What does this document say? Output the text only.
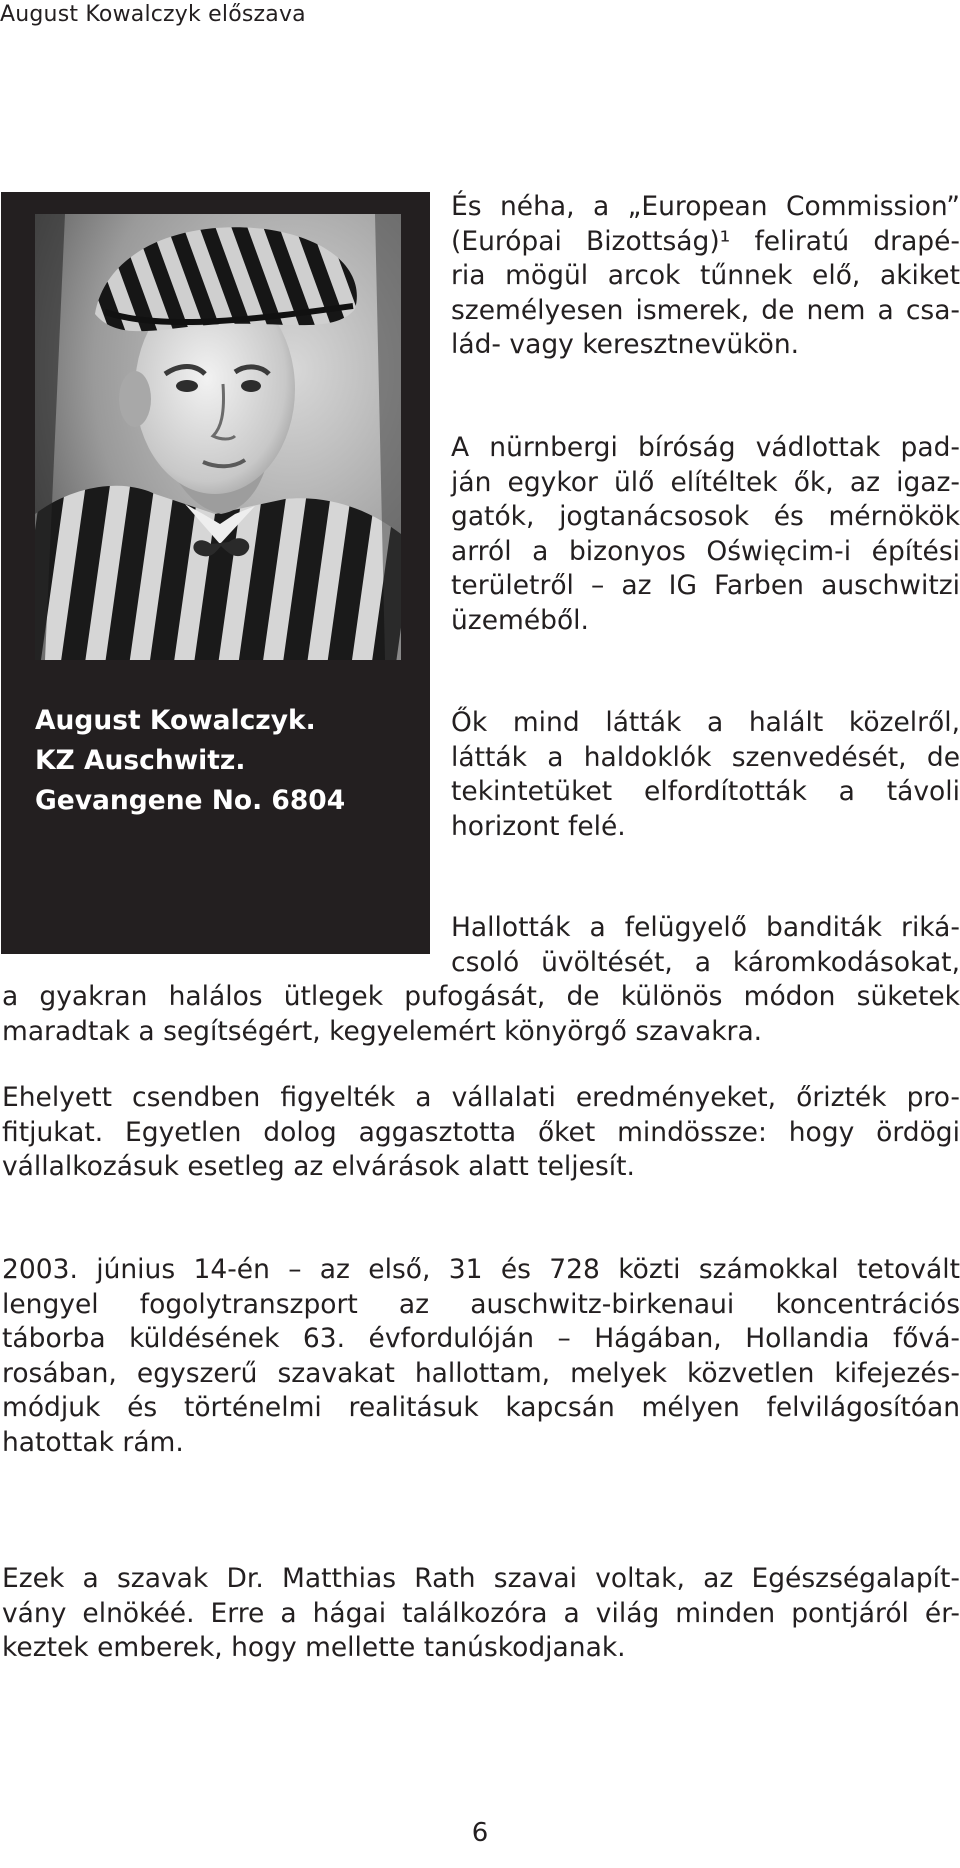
August Kowalczyk előszava
August Kowalczyk.
KZ Auschwitz.
Gevangene No. 6804
És néha, a „European Commission”
(Európai Bizottság)¹ feliratú drapé-
ria mögül arcok tűnnek elő, akiket
személyesen ismerek, de nem a csa-
lád- vagy keresztnevükön.
A nürnbergi bíróság vádlottak pad-
ján egykor ülő elítéltek ők, az igaz-
gatók, jogtanácsosok és mérnökök
arról a bizonyos Oświęcim-i építési
területről – az IG Farben auschwitzi
üzeméből.
Ők mind látták a halált közelről,
látták a haldoklók szenvedését, de
tekintetüket elfordították a távoli
horizont felé.
Hallották a felügyelő banditák riká-
csoló üvöltését, a káromkodásokat,
a gyakran halálos ütlegek pufogását, de különös módon süketek
maradtak a segítségért, kegyelemért könyörgő szavakra.
Ehelyett csendben figyelték a vállalati eredményeket, őrizték pro-
fitjukat. Egyetlen dolog aggasztotta őket mindössze: hogy ördögi
vállalkozásuk esetleg az elvárások alatt teljesít.
2003. június 14-én – az első, 31 és 728 közti számokkal tetovált
lengyel fogolytranszport az auschwitz-birkenaui koncentrációs
táborba küldésének 63. évfordulóján – Hágában, Hollandia fővá-
rosában, egyszerű szavakat hallottam, melyek közvetlen kifejezés-
módjuk és történelmi realitásuk kapcsán mélyen felvilágosítóan
hatottak rám.
Ezek a szavak Dr. Matthias Rath szavai voltak, az Egészségalapít-
vány elnökéé. Erre a hágai találkozóra a világ minden pontjáról ér-
keztek emberek, hogy mellette tanúskodjanak.
6
